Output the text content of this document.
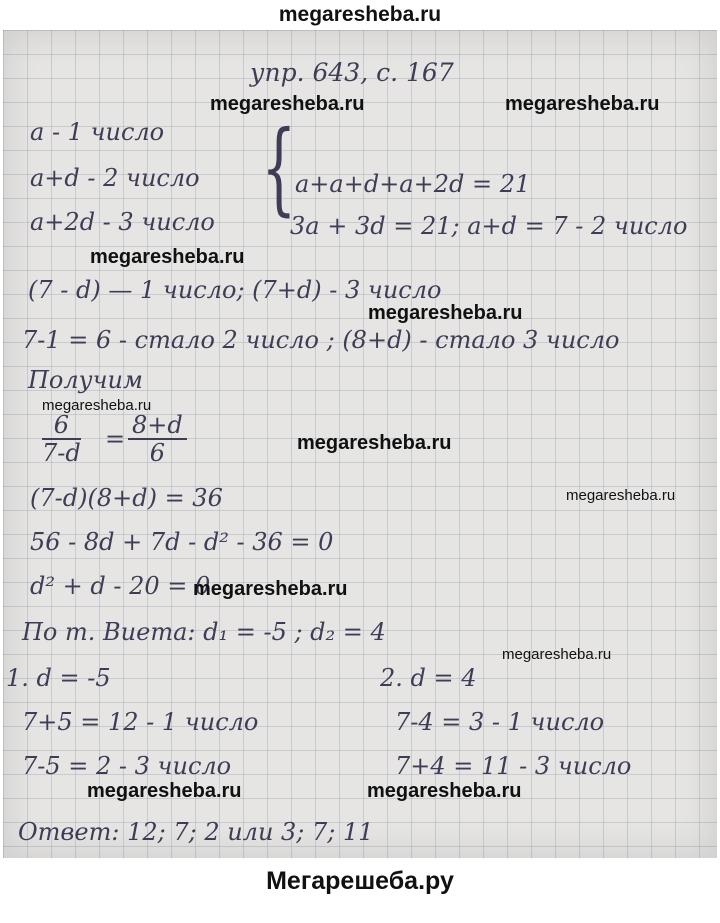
megaresheba.ru
упр. 643, с. 167
a - 1 число
a+d - 2 число
a+2d - 3 число {
a+a+d+a+2d = 21
3a + 3d = 21; a+d = 7 - 2 число
(7 - d) — 1 число; (7+d) - 3 число
7-1 = 6 - стало 2 число ; (8+d) - стало 3 число
Получим
$\frac{6}{7-d} = \frac{8+d}{6}$
(7-d)(8+d) = 36
56 - 8d + 7d - d² - 36 = 0
d² + d - 20 = 0
По т. Виета: d₁ = -5 ; d₂ = 4
1. d = -5
7+5 = 12 - 1 число
7-5 = 2 - 3 число
2. d = 4
7-4 = 3 - 1 число
7+4 = 11 - 3 число
Ответ: 12; 7; 2 или 3; 7; 11
megaresheba.ru	megaresheba.ru
megaresheba.ru
megaresheba.ru
megaresheba.ru
megaresheba.ru
megaresheba.ru
megaresheba.ru
megaresheba.ru
megaresheba.ru	megaresheba.ru
Мегарешеба.ру
